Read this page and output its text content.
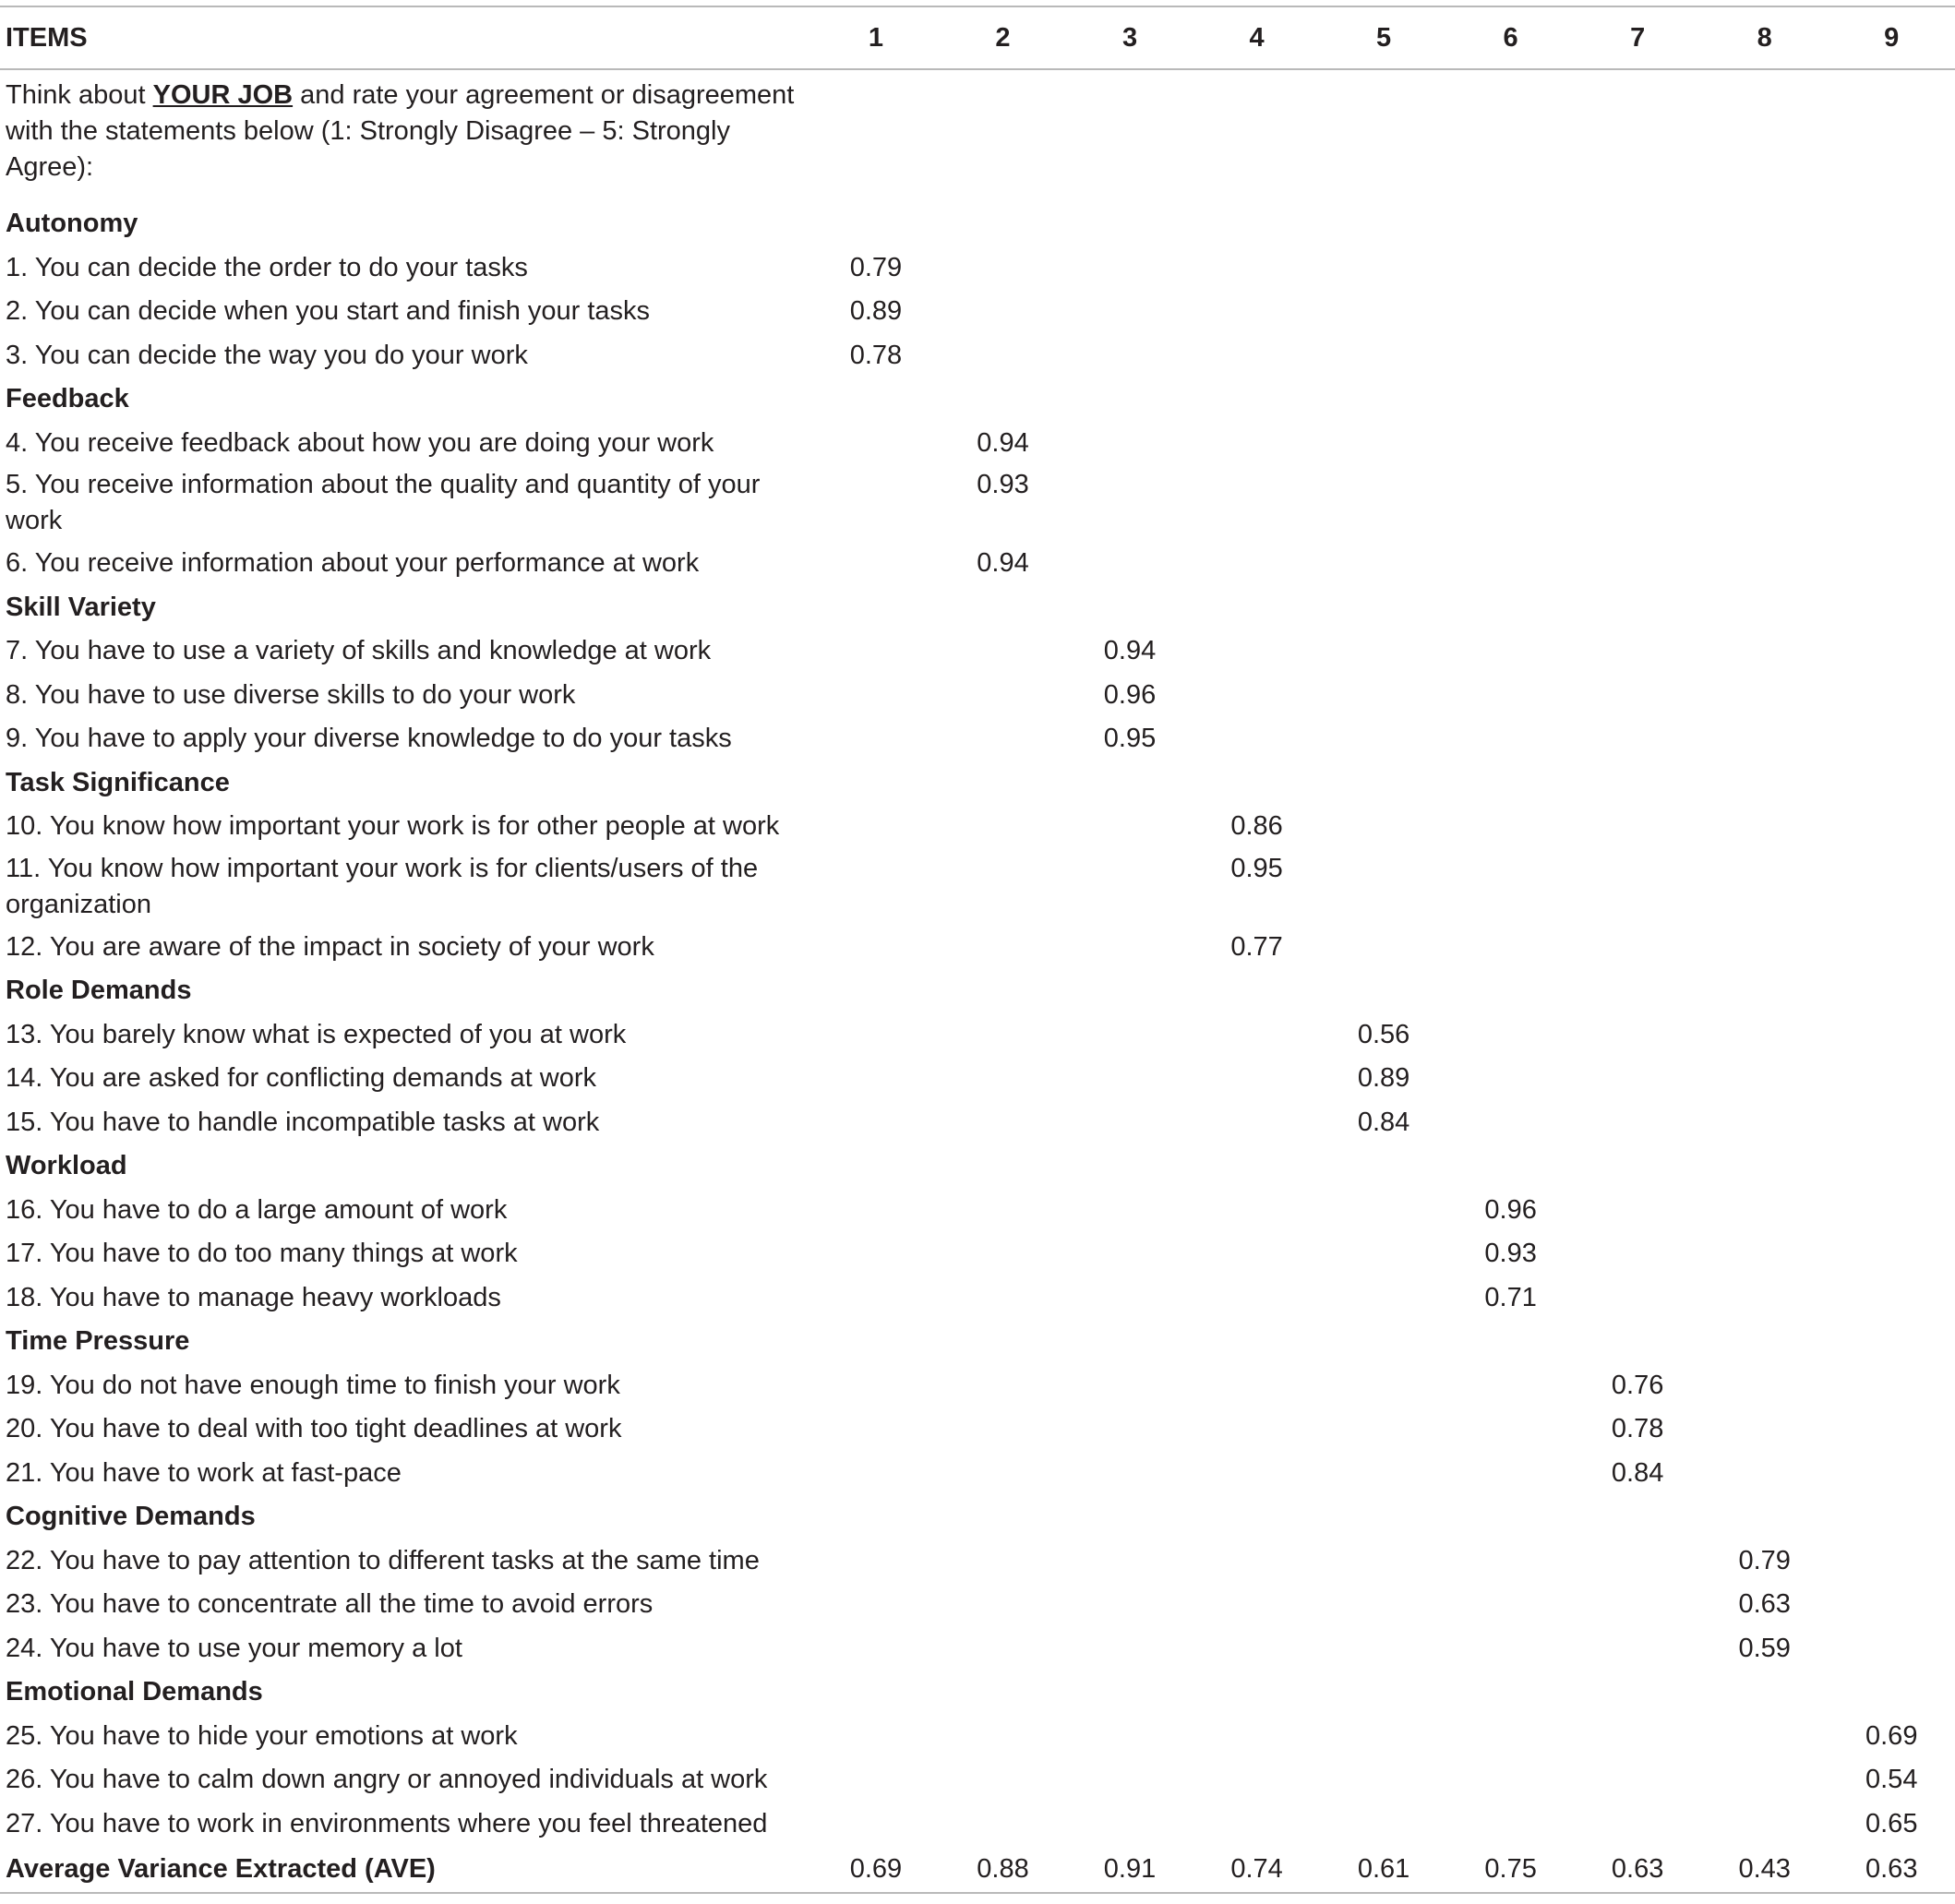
ITEMS	1	2	3	4	5	6	7	8	9
Think about YOUR JOB and rate your agreement or disagreement with the statements below (1: Strongly Disagree – 5: Strongly Agree):									
Autonomy									
1. You can decide the order to do your tasks	0.79								
2. You can decide when you start and finish your tasks	0.89								
3. You can decide the way you do your work	0.78								
Feedback									
4. You receive feedback about how you are doing your work		0.94							
5. You receive information about the quality and quantity of your work		0.93							
6. You receive information about your performance at work		0.94							
Skill Variety									
7. You have to use a variety of skills and knowledge at work			0.94						
8. You have to use diverse skills to do your work			0.96						
9. You have to apply your diverse knowledge to do your tasks			0.95						
Task Significance									
10. You know how important your work is for other people at work				0.86					
11. You know how important your work is for clients/users of the organization				0.95					
12. You are aware of the impact in society of your work				0.77					
Role Demands									
13. You barely know what is expected of you at work					0.56				
14. You are asked for conflicting demands at work					0.89				
15. You have to handle incompatible tasks at work					0.84				
Workload									
16. You have to do a large amount of work						0.96			
17. You have to do too many things at work						0.93			
18. You have to manage heavy workloads						0.71			
Time Pressure									
19. You do not have enough time to finish your work							0.76		
20. You have to deal with too tight deadlines at work							0.78		
21. You have to work at fast-pace							0.84		
Cognitive Demands									
22. You have to pay attention to different tasks at the same time								0.79	
23. You have to concentrate all the time to avoid errors								0.63	
24. You have to use your memory a lot								0.59	
Emotional Demands									
25. You have to hide your emotions at work									0.69
26. You have to calm down angry or annoyed individuals at work									0.54
27. You have to work in environments where you feel threatened									0.65
Average Variance Extracted (AVE)	0.69	0.88	0.91	0.74	0.61	0.75	0.63	0.43	0.63
